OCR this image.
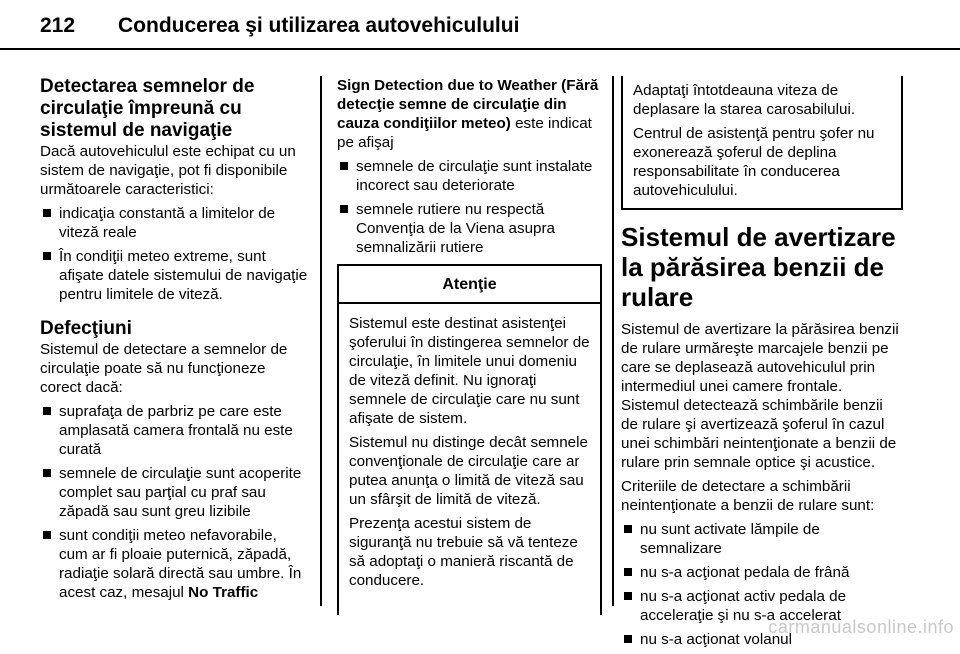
212 Conducerea şi utilizarea autovehiculului
Detectarea semnelor de circulaţie împreună cu sistemul de navigaţie

Dacă autovehiculul este echipat cu un sistem de navigaţie, pot fi disponibile următoarele caracteristici:

indicaţia constantă a limitelor de viteză reale
În condiţii meteo extreme, sunt afişate datele sistemului de navigaţie pentru limitele de viteză.
Defecţiuni

Sistemul de detectare a semnelor de circulaţie poate să nu funcţioneze corect dacă:

suprafaţa de parbriz pe care este amplasată camera frontală nu este curată
semnele de circulaţie sunt acoperite complet sau parţial cu praf sau zăpadă sau sunt greu lizibile
sunt condiţii meteo nefavorabile, cum ar fi ploaie puternică, zăpadă, radiaţie solară directă sau umbre. În acest caz, mesajul No Traffic

Sign Detection due to Weather (Fără detecţie semne de circulaţie din cauza condiţiilor meteo) este indicat pe afişaj

semnele de circulaţie sunt instalate incorect sau deteriorate
semnele rutiere nu respectă Convenţia de la Viena asupra semnalizării rutiere
Atenţie

Sistemul este destinat asistenţei şoferului în distingerea semnelor de circulaţie, în limitele unui domeniu de viteză definit. Nu ignoraţi semnele de circulaţie care nu sunt afişate de sistem.

Sistemul nu distinge decât semnele convenţionale de circulaţie care ar putea anunţa o limită de viteză sau un sfârşit de limită de viteză.

Prezenţa acestui sistem de siguranţă nu trebuie să vă tenteze să adoptaţi o manieră riscantă de conducere.

Adaptaţi întotdeauna viteza de deplasare la starea carosabilului.

Centrul de asistenţă pentru şofer nu exonerează şoferul de deplina responsabilitate în conducerea autovehiculului.

Sistemul de avertizare la părăsirea benzii de rulare

Sistemul de avertizare la părăsirea benzii de rulare urmăreşte marcajele benzii pe care se deplasează autovehiculul prin intermediul unei camere frontale. Sistemul detectează schimbările benzii de rulare şi avertizează şoferul în cazul unei schimbări neintenţionate a benzii de rulare prin semnale optice şi acustice.

Criteriile de detectare a schimbării neintenţionate a benzii de rulare sunt:

nu sunt activate lămpile de semnalizare
nu s-a acţionat pedala de frână
nu s-a acţionat activ pedala de acceleraţie şi nu s-a accelerat
nu s-a acţionat volanul
carmanualsonline.info
